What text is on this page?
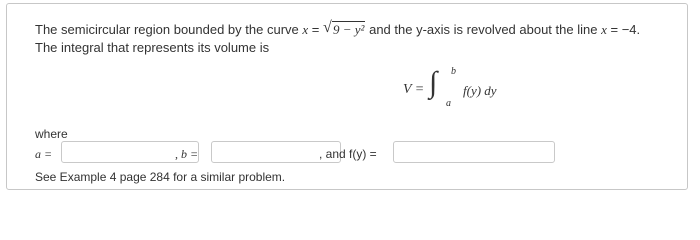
The semicircular region bounded by the curve x = √ 9 − y² and the y-axis is revolved about the line x = −4.
The integral that represents its volume is
V = ∫ b
a
f(y) dy
where
a =	, b =	, and f(y) =
See Example 4 page 284 for a similar problem.
